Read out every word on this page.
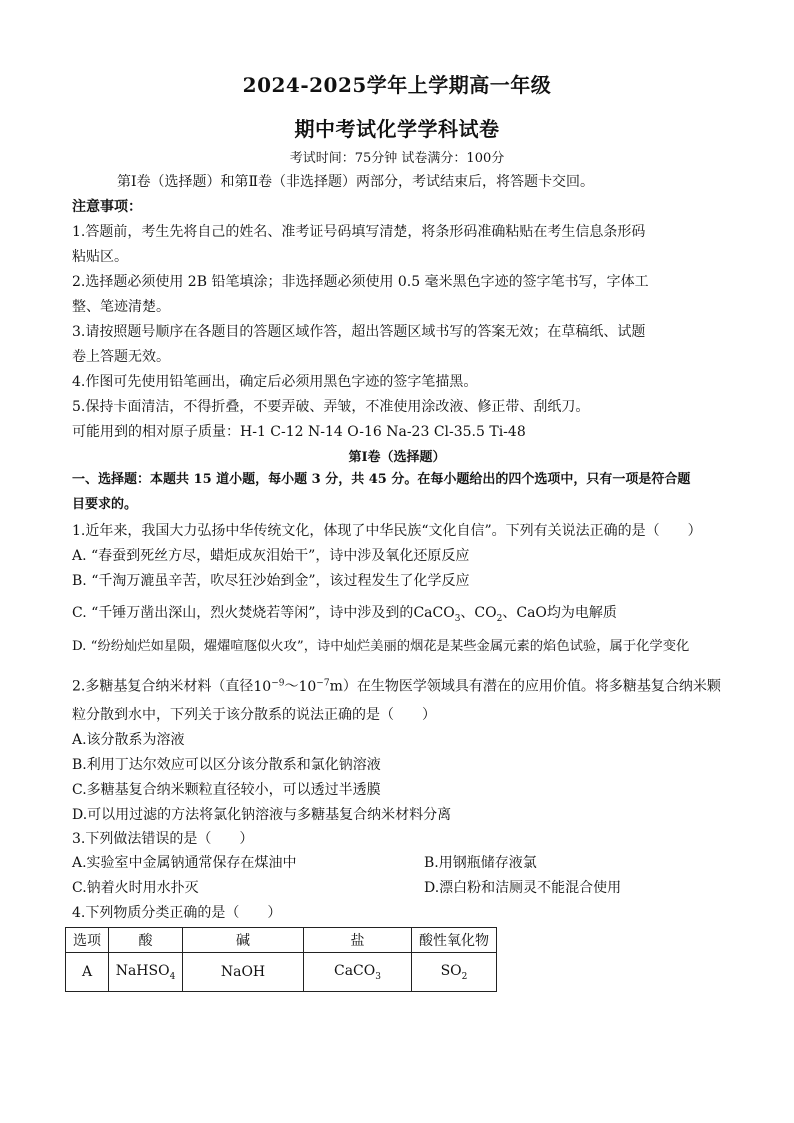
2024-2025学年上学期高一年级
期中考试化学学科试卷
考试时间：75分钟 试卷满分：100分
第Ⅰ卷（选择题）和第Ⅱ卷（非选择题）两部分，考试结束后，将答题卡交回。
注意事项：
1.答题前，考生先将自己的姓名、准考证号码填写清楚，将条形码准确粘贴在考生信息条形码
粘贴区。
2.选择题必须使用 2B 铅笔填涂；非选择题必须使用 0.5 毫米黑色字迹的签字笔书写，字体工
整、笔迹清楚。
3.请按照题号顺序在各题目的答题区域作答，超出答题区域书写的答案无效；在草稿纸、试题
卷上答题无效。
4.作图可先使用铅笔画出，确定后必须用黑色字迹的签字笔描黑。
5.保持卡面清洁，不得折叠，不要弄破、弄皱，不准使用涂改液、修正带、刮纸刀。
可能用到的相对原子质量：H-1 C-12 N-14 O-16 Na-23 Cl-35.5 Ti-48
第Ⅰ卷（选择题）
一、选择题：本题共 15 道小题，每小题 3 分，共 45 分。在每小题给出的四个选项中，只有一项是符合题
目要求的。
1.近年来，我国大力弘扬中华传统文化，体现了中华民族“文化自信”。下列有关说法正确的是（　　）
A. “春蚕到死丝方尽，蜡炬成灰泪始干”，诗中涉及氧化还原反应
B. “千淘万漉虽辛苦，吹尽狂沙始到金”，该过程发生了化学反应
C. “千锤万凿出深山，烈火焚烧若等闲”，诗中涉及到的CaCO$_3$、$CO_2$、CaO均为电解质
D. “纷纷灿烂如星陨，燿燿喧豗似火攻”，诗中灿烂美丽的烟花是某些金属元素的焰色试验，属于化学变化
2.多糖基复合纳米材料（直径$10^{-9}\sim 10^{-7}m$）在生物医学领域具有潜在的应用价值。将多糖基复合纳米颗
粒分散到水中，下列关于该分散系的说法正确的是（　　）
A.该分散系为溶液
B.利用丁达尔效应可以区分该分散系和氯化钠溶液
C.多糖基复合纳米颗粒直径较小，可以透过半透膜
D.可以用过滤的方法将氯化钠溶液与多糖基复合纳米材料分离
3.下列做法错误的是（　　）
A.实验室中金属钠通常保存在煤油中	B.用钢瓶储存液氯
C.钠着火时用水扑灭	D.漂白粉和洁厕灵不能混合使用
4.下列物质分类正确的是（　　）
选项	酸	碱	盐	酸性氧化物
A	NaHSO$_4$	NaOH	CaCO$_3$	$SO_2$
